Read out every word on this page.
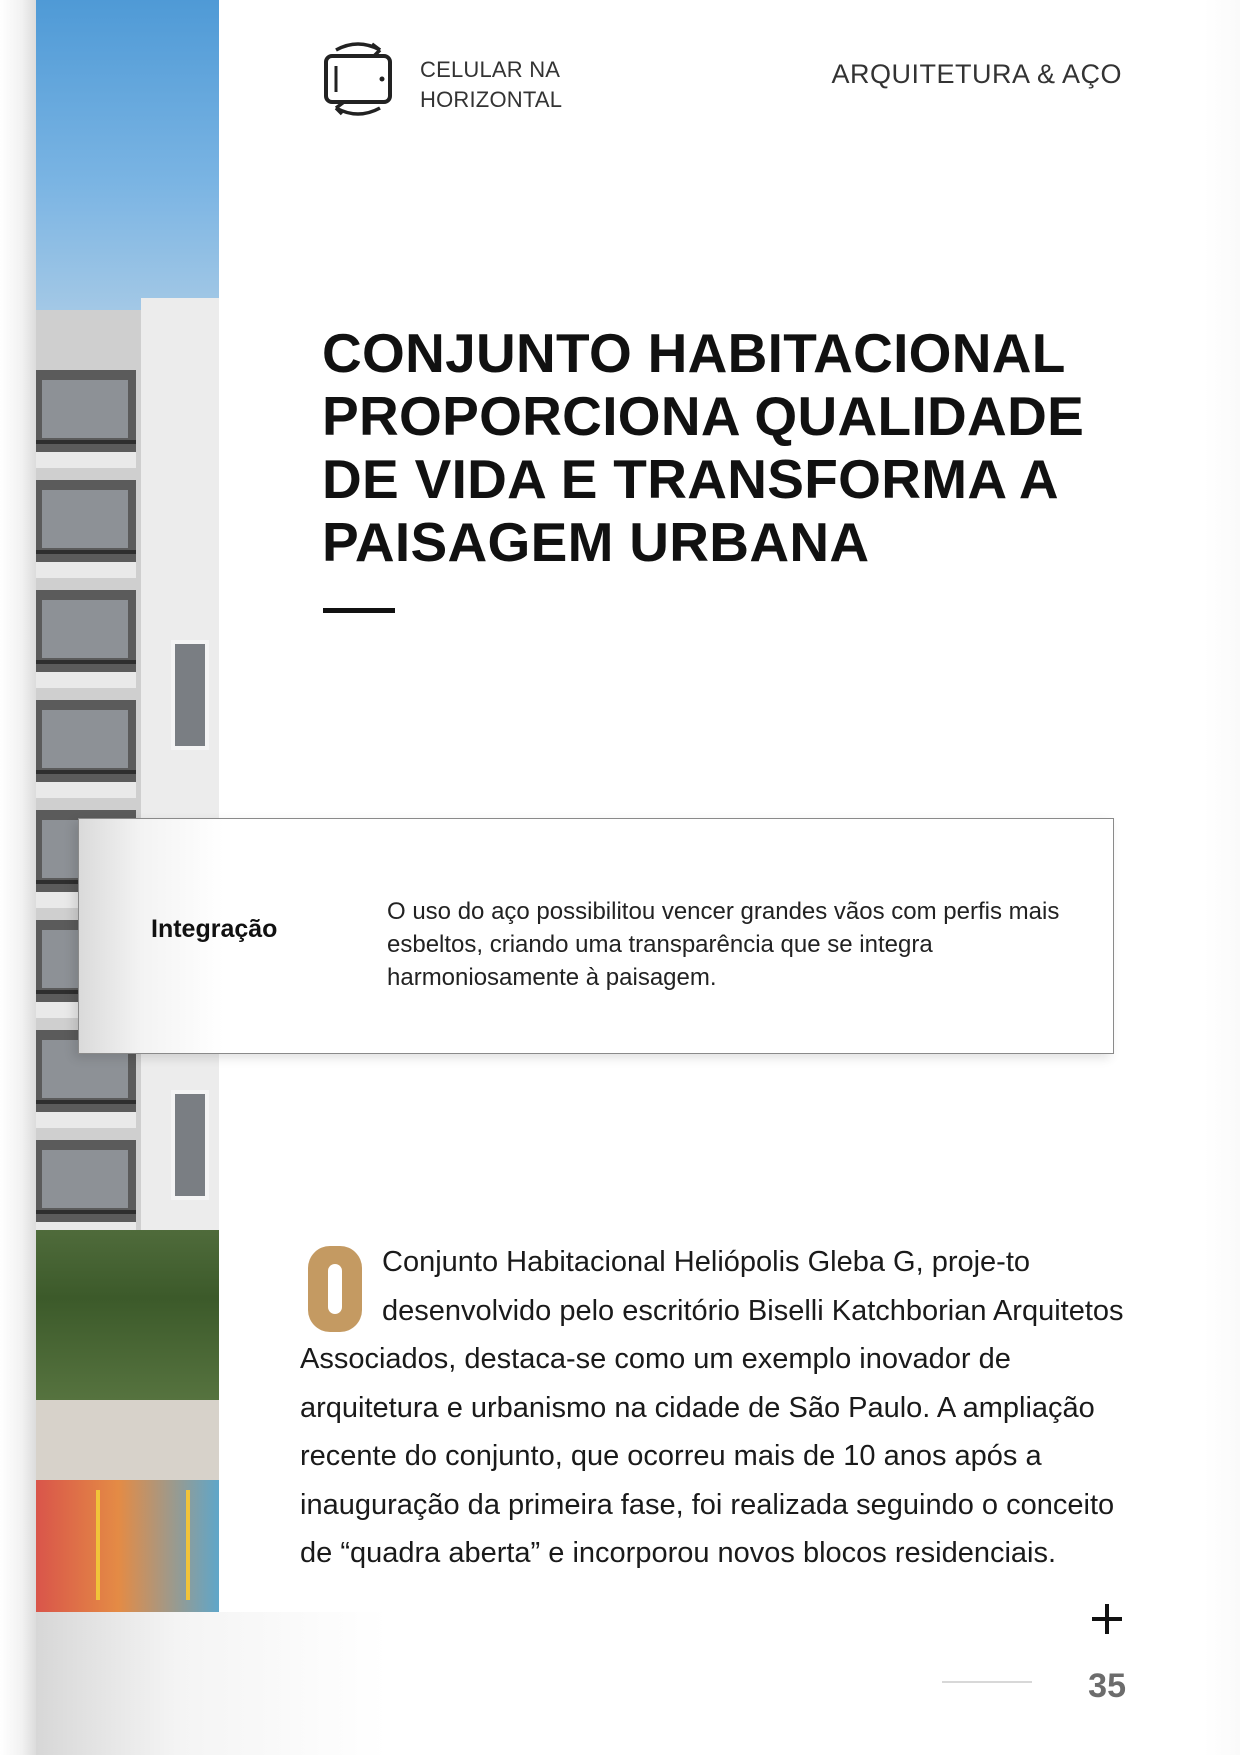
CELULAR NA
HORIZONTAL
ARQUITETURA & AÇO
CONJUNTO HABITACIONAL PROPORCIONA QUALIDADE DE VIDA E TRANSFORMA A PAISAGEM URBANA
Integração

O uso do aço possibilitou vencer grandes vãos com perfis mais esbeltos, criando uma transparência que se integra harmoniosamente à paisagem.

Conjunto Habitacional Heliópolis Gleba G, proje-to desenvolvido pelo escritório Biselli Katchborian Arquitetos Associados, destaca-se como um exemplo inovador de arquitetura e urbanismo na cidade de São Paulo. A ampliação recente do conjunto, que ocorreu mais de 10 anos após a inauguração da primeira fase, foi realizada seguindo o conceito de “quadra aberta” e incorporou novos blocos residenciais.
35
